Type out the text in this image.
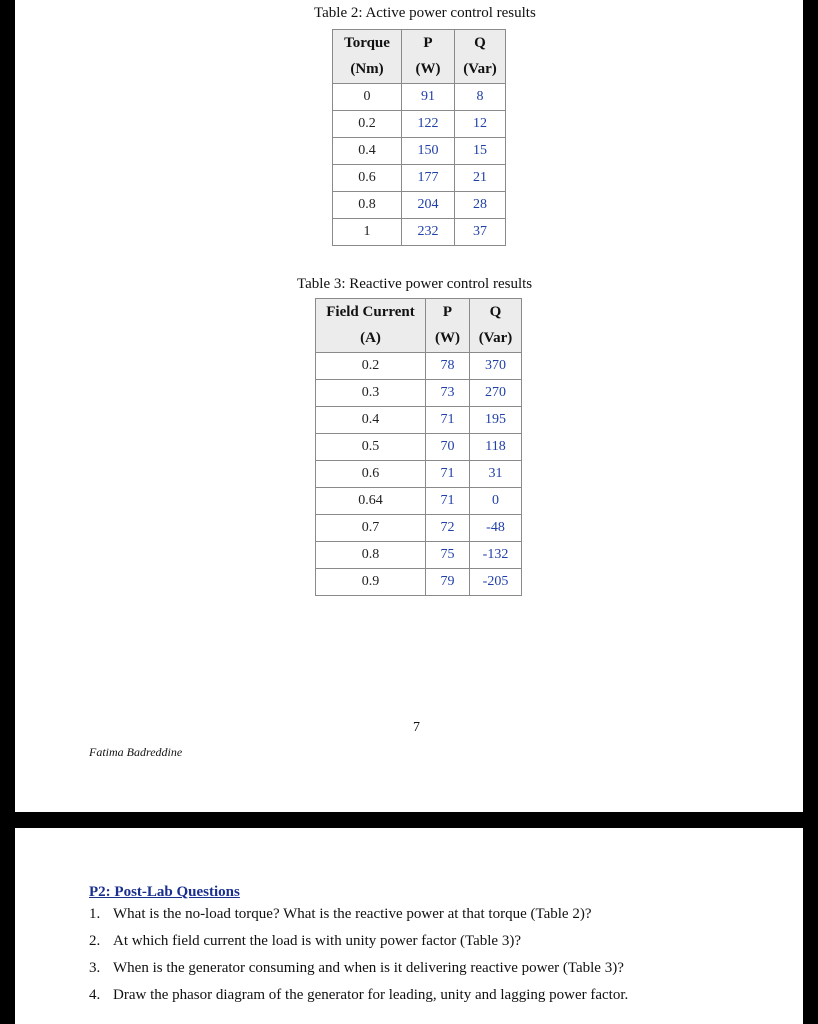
Table 2: Active power control results
Torque	P	Q
(Nm)	(W)	(Var)
0	91	8
0.2	122	12
0.4	150	15
0.6	177	21
0.8	204	28
1	232	37
Table 3: Reactive power control results
Field Current	P	Q
(A)	(W)	(Var)
0.2	78	370
0.3	73	270
0.4	71	195
0.5	70	118
0.6	71	31
0.64	71	0
0.7	72	-48
0.8	75	-132
0.9	79	-205
7
Fatima Badreddine
P2: Post-Lab Questions
1. What is the no-load torque? What is the reactive power at that torque (Table 2)?
2. At which field current the load is with unity power factor (Table 3)?
3. When is the generator consuming and when is it delivering reactive power (Table 3)?
4. Draw the phasor diagram of the generator for leading, unity and lagging power factor.
